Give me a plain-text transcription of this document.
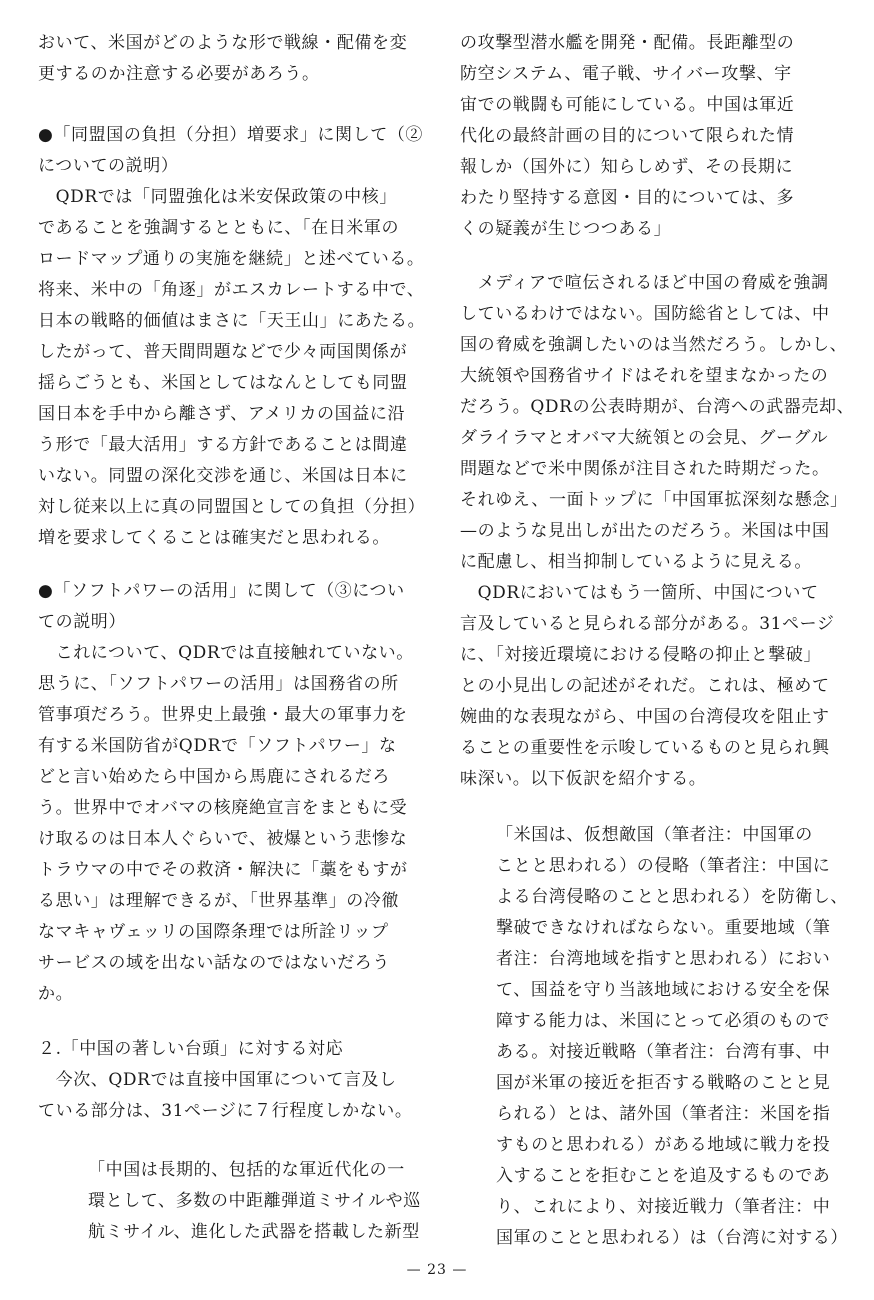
おいて、米国がどのような形で戦線・配備を変
更するのか注意する必要があろう。
●「同盟国の負担（分担）増要求」に関して（②
についての説明）
　QDRでは「同盟強化は米安保政策の中核」
であることを強調するとともに、「在日米軍の
ロードマップ通りの実施を継続」と述べている。
将来、米中の「角逐」がエスカレートする中で、
日本の戦略的価値はまさに「天王山」にあたる。
したがって、普天間問題などで少々両国関係が
揺らごうとも、米国としてはなんとしても同盟
国日本を手中から離さず、アメリカの国益に沿
う形で「最大活用」する方針であることは間違
いない。同盟の深化交渉を通じ、米国は日本に
対し従来以上に真の同盟国としての負担（分担）
増を要求してくることは確実だと思われる。
●「ソフトパワーの活用」に関して（③につい
ての説明）
　これについて、QDRでは直接触れていない。
思うに、「ソフトパワーの活用」は国務省の所
管事項だろう。世界史上最強・最大の軍事力を
有する米国防省がQDRで「ソフトパワー」な
どと言い始めたら中国から馬鹿にされるだろ
う。世界中でオバマの核廃絶宣言をまともに受
け取るのは日本人ぐらいで、被爆という悲惨な
トラウマの中でその救済・解決に「藁をもすが
る思い」は理解できるが、「世界基準」の冷徹
なマキャヴェッリの国際条理では所詮リップ
サービスの域を出ない話なのではないだろう
か。
２.「中国の著しい台頭」に対する対応
　今次、QDRでは直接中国軍について言及し
ている部分は、31ページに７行程度しかない。
「中国は長期的、包括的な軍近代化の一
環として、多数の中距離弾道ミサイルや巡
航ミサイル、進化した武器を搭載した新型
の攻撃型潜水艦を開発・配備。長距離型の
防空システム、電子戦、サイバー攻撃、宇
宙での戦闘も可能にしている。中国は軍近
代化の最終計画の目的について限られた情
報しか（国外に）知らしめず、その長期に
わたり堅持する意図・目的については、多
くの疑義が生じつつある」
　メディアで喧伝されるほど中国の脅威を強調
しているわけではない。国防総省としては、中
国の脅威を強調したいのは当然だろう。しかし、
大統領や国務省サイドはそれを望まなかったの
だろう。QDRの公表時期が、台湾への武器売却、
ダライラマとオバマ大統領との会見、グーグル
問題などで米中関係が注目された時期だった。
それゆえ、一面トップに「中国軍拡深刻な懸念」
—のような見出しが出たのだろう。米国は中国
に配慮し、相当抑制しているように見える。
　QDRにおいてはもう一箇所、中国について
言及していると見られる部分がある。31ページ
に、「対接近環境における侵略の抑止と撃破」
との小見出しの記述がそれだ。これは、極めて
婉曲的な表現ながら、中国の台湾侵攻を阻止す
ることの重要性を示唆しているものと見られ興
味深い。以下仮訳を紹介する。
「米国は、仮想敵国（筆者注：中国軍の
ことと思われる）の侵略（筆者注：中国に
よる台湾侵略のことと思われる）を防衛し、
撃破できなければならない。重要地域（筆
者注：台湾地域を指すと思われる）におい
て、国益を守り当該地域における安全を保
障する能力は、米国にとって必須のもので
ある。対接近戦略（筆者注：台湾有事、中
国が米軍の接近を拒否する戦略のことと見
られる）とは、諸外国（筆者注：米国を指
すものと思われる）がある地域に戦力を投
入することを拒むことを追及するものであ
り、これにより、対接近戦力（筆者注：中
国軍のことと思われる）は（台湾に対する）
— 23 —
